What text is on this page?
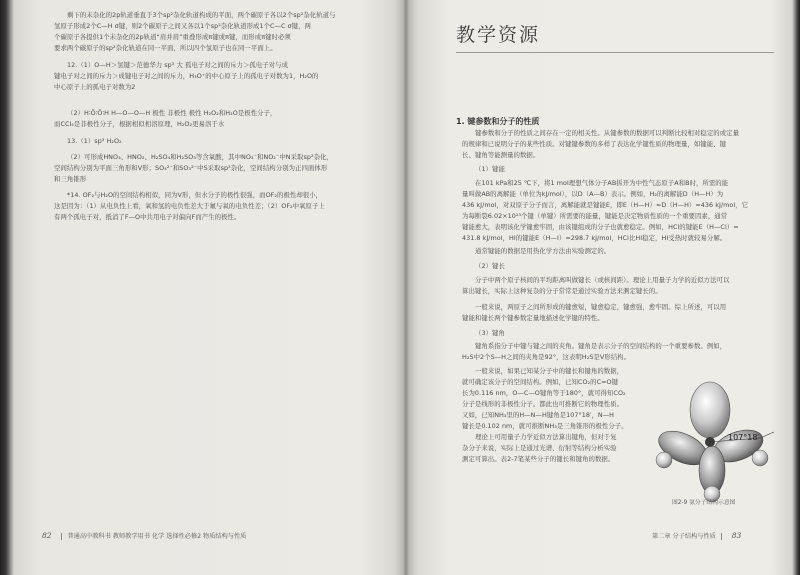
剩下的未杂化的2p轨道垂直于3个sp²杂化轨道构成的平面，两个碳原子各以2个sp²杂化轨道与
氢原子形成2个C—H σ键，则2个碳原子之间又各以1个sp²杂化轨道形成1个C—C σ键，两
个碳原子各提供1个未杂化的2p轨道“肩并肩”重叠形成π键或π键，而形成π键时必须
要求两个碳原子的sp²杂化轨道在同一平面，所以四个氢原子也在同一平面上。
12.（1）O—H＞氢键＞范德华力 sp³ 大 孤电子对之间的斥力＞孤电子对与成
键电子对之间的斥力＞成键电子对之间的斥力，H₃O⁺的中心原子上的孤电子对数为1，H₂O的
中心原子上的孤电子对数为2
（2）H∶Ö∶Ö∶H H—O—O—H 极性 非极性 极性 H₂O₂和H₂O是极性分子，
而CCl₄是非极性分子，根据相似相溶原理，H₂O₂更易溶于水
13.（1）sp³ H₂O₂
（2）可形成HNO₃、HNO₂、H₂SO₄和H₂SO₃等含氧酸，其中NO₃⁻和NO₂⁻中N采取sp²杂化，
空间结构分别为平面三角形和V形；SO₄²⁻和SO₃²⁻中S采取sp³杂化，空间结构分别为正四面体形
和三角锥形
*14. OF₂与H₂O的空间结构相似，同为V形，但水分子的极性很强，而OF₂的极性却很小，
这是因为：（1）从电负性上看，氧和氢的电负性差大于氟与氧的电负性差；（2）OF₂中氧原子上
有两个孤电子对，抵消了F—O中共用电子对偏向F而产生的极性。
82	普通高中教科书 教师教学用书 化学 选择性必修2 物质结构与性质
教学资源
1. 键参数和分子的性质
键参数和分子的性质之间存在一定的相关性。从键参数的数据可以判断比较相对稳定的或定量
的规律和已说明分子的某些性质。对键键参数的多样了表达化学键性质的物理量，如键能、键
长、键角等能测量的数据。
（1）键能
在101 kPa和25 ℃下，将1 mol理想气体分子AB拆开为中性气态原子A和B时，所需的能
量叫做AB的离解能（单位为kJ/mol），以D（A—B）表示。例如，H₂的离解能D（H—H）为
436 kJ/mol，对双原子分子而言，离解能就是键能E，即E（H—H）=D（H—H）=436 kJ/mol，它
为每断裂6.02×10²³个键（单键）所需要的能量，键能是决定物质性质的一个重要因素，通常
键能愈大，表明该化学键愈牢固，由该键组成的分子也就愈稳定。例如，HCl的键能E（H—Cl）=
431.8 kJ/mol，HI的键能E（H—I）=298.7 kJ/mol，HCl比HI稳定，HI受热时就较易分解。
通常键能的数据是用热化学方法由实验测定的。
（2）键长
分子中两个原子核间的平均距离叫做键长（或核间距）。理论上用量子力学的近似方法可以
算出键长，实际上这种复杂的分子常常是通过实验方法来测定键长的。
一般来说，两原子之间所形成的键愈短，键愈稳定，键愈强，愈牢固。综上所述，可以用
键能和键长两个键参数定量地描述化学键的特性。
（3）键角
键角系指分子中键与键之间的夹角。键角是表示分子的空间结构的一个重要参数。例如，
H₂S中2个S—H之间的夹角是92°，这表明H₂S是V形结构。
一般来说，如果已知某分子中的键长和键角的数据，
就可确定该分子的空间结构。例如，已知CO₂的C=O键
长为0.116 nm，O—C—O键角等于180°，就可得知CO₂
分子是线形的非极性分子。都此也可推断它的物理性质。
又如，已知NH₃里的H—N—H键角是107°18′，N—H
键长是0.102 nm，就可推断NH₃是三角锥形的极性分子。
理论上可用量子力学近似方法算出键角，但对于复
杂分子来说，实际上是通过光谱、衍射等结构分析实验
测定可算出。表2-7笔某些分子的键长和键角的数据。
107°18′
图2-9 氨分子结构示意图
第二章 分子结构与性质 83
